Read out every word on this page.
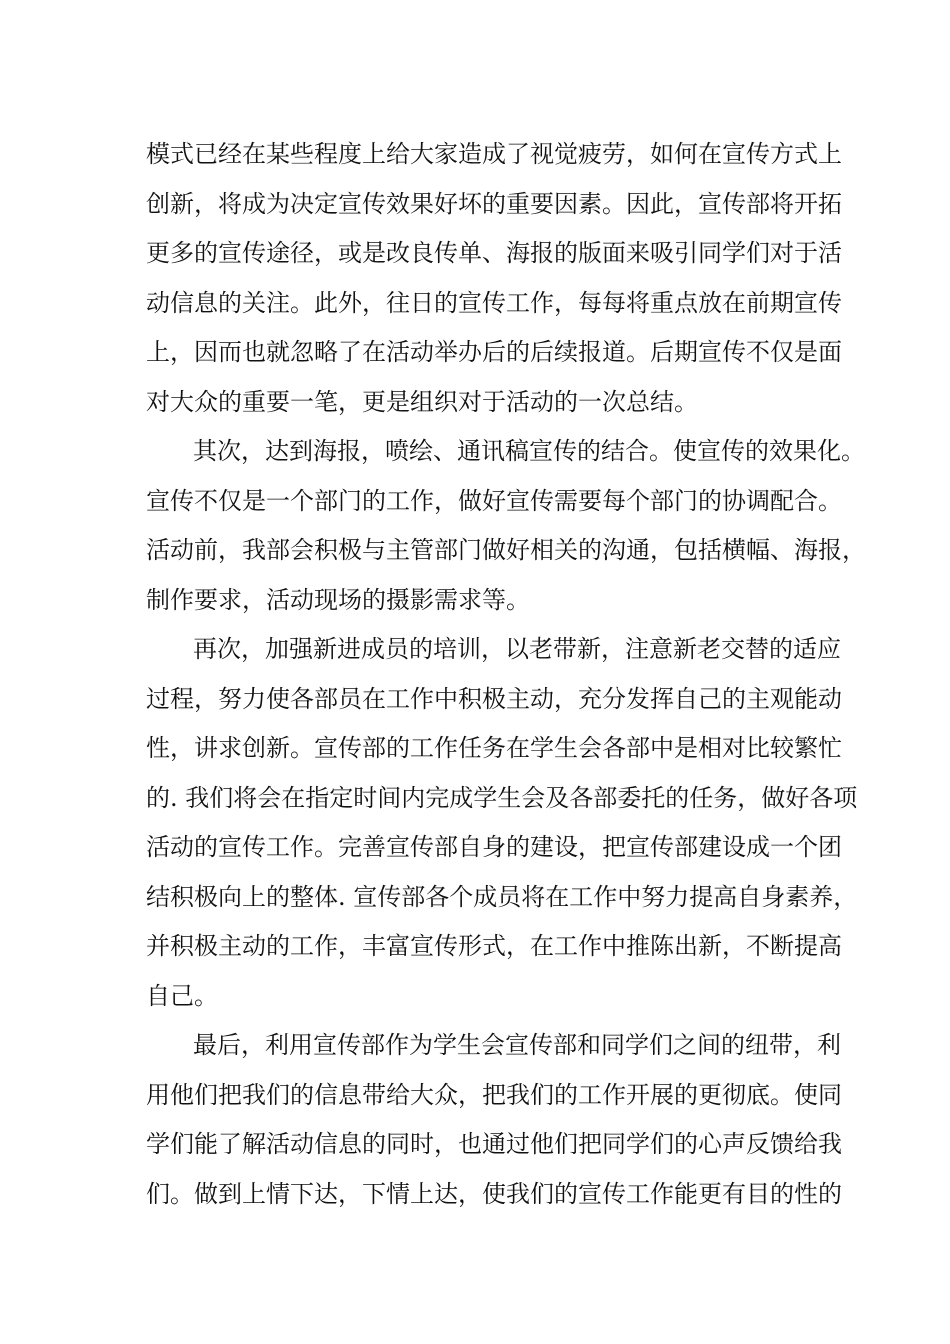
模式已经在某些程度上给大家造成了视觉疲劳，如何在宣传方式上
创新，将成为决定宣传效果好坏的重要因素。因此，宣传部将开拓
更多的宣传途径，或是改良传单、海报的版面来吸引同学们对于活
动信息的关注。此外，往日的宣传工作，每每将重点放在前期宣传
上，因而也就忽略了在活动举办后的后续报道。后期宣传不仅是面
对大众的重要一笔，更是组织对于活动的一次总结。
其次，达到海报，喷绘、通讯稿宣传的结合。使宣传的效果化。
宣传不仅是一个部门的工作，做好宣传需要每个部门的协调配合。
活动前，我部会积极与主管部门做好相关的沟通，包括横幅、海报，
制作要求，活动现场的摄影需求等。
再次，加强新进成员的培训，以老带新，注意新老交替的适应
过程，努力使各部员在工作中积极主动，充分发挥自己的主观能动
性，讲求创新。宣传部的工作任务在学生会各部中是相对比较繁忙
的. 我们将会在指定时间内完成学生会及各部委托的任务，做好各项
活动的宣传工作。完善宣传部自身的建设，把宣传部建设成一个团
结积极向上的整体. 宣传部各个成员将在工作中努力提高自身素养，
并积极主动的工作，丰富宣传形式，在工作中推陈出新，不断提高
自己。
最后，利用宣传部作为学生会宣传部和同学们之间的纽带，利
用他们把我们的信息带给大众，把我们的工作开展的更彻底。使同
学们能了解活动信息的同时，也通过他们把同学们的心声反馈给我
们。做到上情下达，下情上达，使我们的宣传工作能更有目的性的
